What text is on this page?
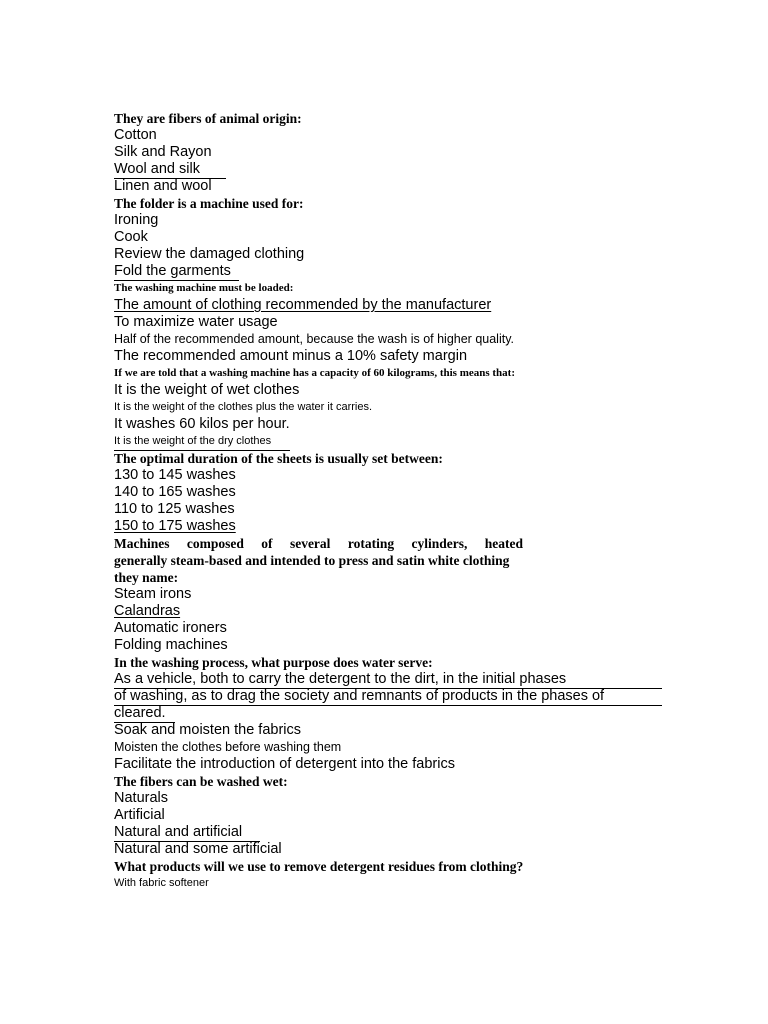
They are fibers of animal origin:
Cotton
Silk and Rayon
Wool and silk
Linen and wool
The folder is a machine used for:
Ironing
Cook
Review the damaged clothing
Fold the garments
The washing machine must be loaded:
The amount of clothing recommended by the manufacturer
To maximize water usage
Half of the recommended amount, because the wash is of higher quality.
The recommended amount minus a 10% safety margin
If we are told that a washing machine has a capacity of 60 kilograms, this means that:
It is the weight of wet clothes
It is the weight of the clothes plus the water it carries.
It washes 60 kilos per hour.
It is the weight of the dry clothes
The optimal duration of the sheets is usually set between:
130 to 145 washes
140 to 165 washes
110 to 125 washes
150 to 175 washes
Machines composed of several rotating cylinders, heated
generally steam-based and intended to press and satin white clothing
they name:
Steam irons
Calandras
Automatic ironers
Folding machines
In the washing process, what purpose does water serve:
As a vehicle, both to carry the detergent to the dirt, in the initial phases
of washing, as to drag the society and remnants of products in the phases of
cleared.
Soak and moisten the fabrics
Moisten the clothes before washing them
Facilitate the introduction of detergent into the fabrics
The fibers can be washed wet:
Naturals
Artificial
Natural and artificial
Natural and some artificial
What products will we use to remove detergent residues from clothing?
With fabric softener
